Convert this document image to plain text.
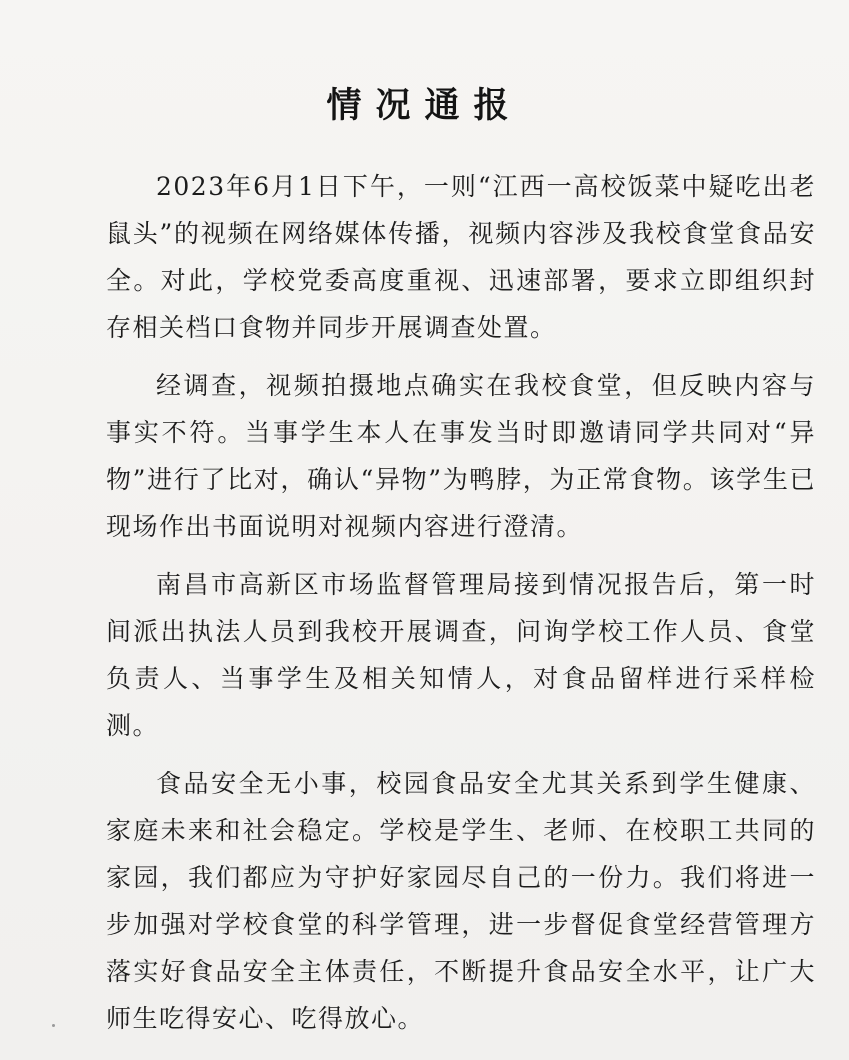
情况通报

2023年6月1日下午，一则“江西一高校饭菜中疑吃出老鼠头”的视频在网络媒体传播，视频内容涉及我校食堂食品安全。对此，学校党委高度重视、迅速部署，要求立即组织封存相关档口食物并同步开展调查处置。

经调查，视频拍摄地点确实在我校食堂，但反映内容与事实不符。当事学生本人在事发当时即邀请同学共同对“异物”进行了比对，确认“异物”为鸭脖，为正常食物。该学生已现场作出书面说明对视频内容进行澄清。

南昌市高新区市场监督管理局接到情况报告后，第一时间派出执法人员到我校开展调查，问询学校工作人员、食堂负责人、当事学生及相关知情人，对食品留样进行采样检测。

食品安全无小事，校园食品安全尤其关系到学生健康、家庭未来和社会稳定。学校是学生、老师、在校职工共同的家园，我们都应为守护好家园尽自己的一份力。我们将进一步加强对学校食堂的科学管理，进一步督促食堂经营管理方落实好食品安全主体责任，不断提升食品安全水平，让广大师生吃得安心、吃得放心。
